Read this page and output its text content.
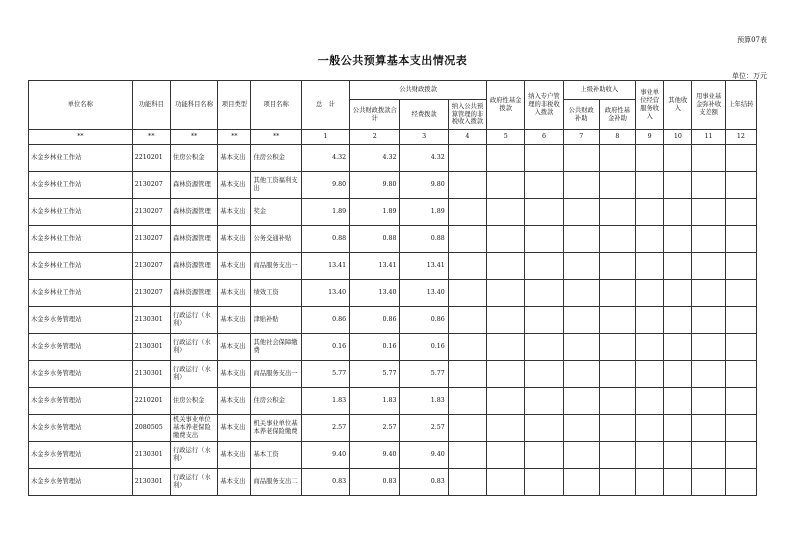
预算07表
一般公共预算基本支出情况表
单位：万元
单位名称	功能科目	功能科目名称	项目类型	项目名称	总　计	公共财政拨款			政府性基金拨款	纳入专户管理的非税收入拨款	上级补助收入		事业单位经营服务收入	其他收入	用事业基金弥补收支差额	上年结转
						公共财政拨款合计	经费拨款	纳入公共预算管理的非税收入拨款			公共财政补助	政府性基金补助				
**	**	**	**	**	1	2	3	4	5	6	7	8	9	10	11	12
木金乡林业工作站	2210201	住房公积金	基本支出	住房公积金	4.32	4.32	4.32									
木金乡林业工作站	2130207	森林资源管理	基本支出	其他工资福利支出	9.80	9.80	9.80									
木金乡林业工作站	2130207	森林资源管理	基本支出	奖金	1.89	1.89	1.89									
木金乡林业工作站	2130207	森林资源管理	基本支出	公务交通补贴	0.88	0.88	0.88									
木金乡林业工作站	2130207	森林资源管理	基本支出	商品服务支出一	13.41	13.41	13.41									
木金乡林业工作站	2130207	森林资源管理	基本支出	绩效工资	13.40	13.40	13.40									
木金乡水务管理站	2130301	行政运行（水利）	基本支出	津贴补贴	0.86	0.86	0.86									
木金乡水务管理站	2130301	行政运行（水利）	基本支出	其他社会保障缴费	0.16	0.16	0.16									
木金乡水务管理站	2130301	行政运行（水利）	基本支出	商品服务支出一	5.77	5.77	5.77									
木金乡水务管理站	2210201	住房公积金	基本支出	住房公积金	1.83	1.83	1.83									
木金乡水务管理站	2080505	机关事业单位基本养老保险缴费支出	基本支出	机关事业单位基本养老保险缴费	2.57	2.57	2.57									
木金乡水务管理站	2130301	行政运行（水利）	基本支出	基本工资	9.40	9.40	9.40									
木金乡水务管理站	2130301	行政运行（水利）	基本支出	商品服务支出二	0.83	0.83	0.83									
